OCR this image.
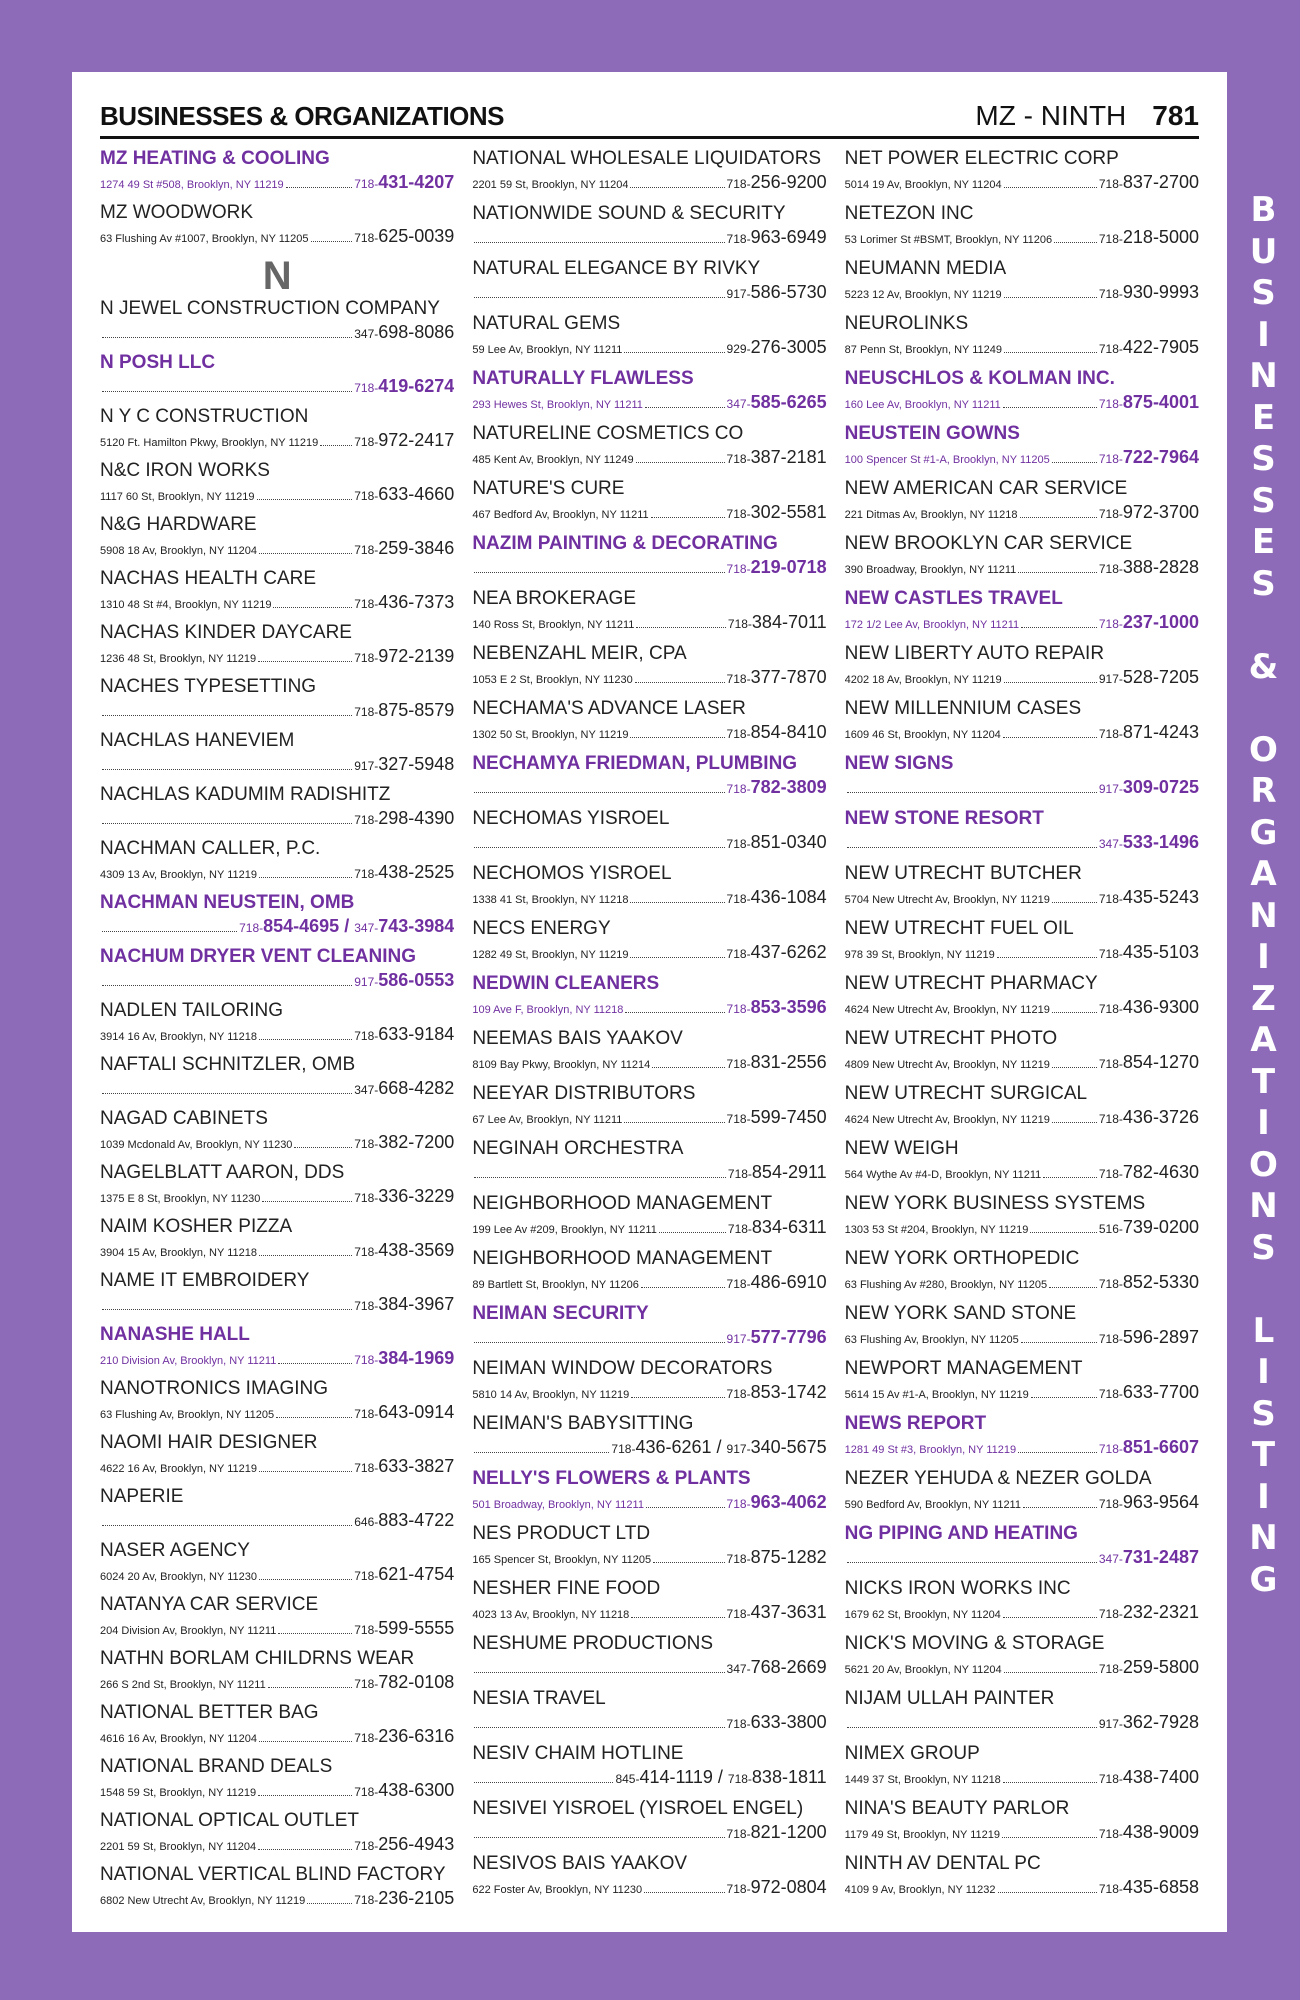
BUSINESSES & ORGANIZATIONS	MZ - NINTH 781
MZ HEATING & COOLING
1274 49 St #508, Brooklyn, NY 11219	718-431-4207
MZ WOODWORK
63 Flushing Av #1007, Brooklyn, NY 11205	718-625-0039
N
N JEWEL CONSTRUCTION COMPANY
347-698-8086
N POSH LLC
718-419-6274
N Y C CONSTRUCTION
5120 Ft. Hamilton Pkwy, Brooklyn, NY 11219	718-972-2417
N&C IRON WORKS
1117 60 St, Brooklyn, NY 11219	718-633-4660
N&G HARDWARE
5908 18 Av, Brooklyn, NY 11204	718-259-3846
NACHAS HEALTH CARE
1310 48 St #4, Brooklyn, NY 11219	718-436-7373
NACHAS KINDER DAYCARE
1236 48 St, Brooklyn, NY 11219	718-972-2139
NACHES TYPESETTING
718-875-8579
NACHLAS HANEVIEM
917-327-5948
NACHLAS KADUMIM RADISHITZ
718-298-4390
NACHMAN CALLER, P.C.
4309 13 Av, Brooklyn, NY 11219	718-438-2525
NACHMAN NEUSTEIN, OMB
718-854-4695 / 347-743-3984
NACHUM DRYER VENT CLEANING
917-586-0553
NADLEN TAILORING
3914 16 Av, Brooklyn, NY 11218	718-633-9184
NAFTALI SCHNITZLER, OMB
347-668-4282
NAGAD CABINETS
1039 Mcdonald Av, Brooklyn, NY 11230	718-382-7200
NAGELBLATT AARON, DDS
1375 E 8 St, Brooklyn, NY 11230	718-336-3229
NAIM KOSHER PIZZA
3904 15 Av, Brooklyn, NY 11218	718-438-3569
NAME IT EMBROIDERY
718-384-3967
NANASHE HALL
210 Division Av, Brooklyn, NY 11211	718-384-1969
NANOTRONICS IMAGING
63 Flushing Av, Brooklyn, NY 11205	718-643-0914
NAOMI HAIR DESIGNER
4622 16 Av, Brooklyn, NY 11219	718-633-3827
NAPERIE
646-883-4722
NASER AGENCY
6024 20 Av, Brooklyn, NY 11230	718-621-4754
NATANYA CAR SERVICE
204 Division Av, Brooklyn, NY 11211	718-599-5555
NATHN BORLAM CHILDRNS WEAR
266 S 2nd St, Brooklyn, NY 11211	718-782-0108
NATIONAL BETTER BAG
4616 16 Av, Brooklyn, NY 11204	718-236-6316
NATIONAL BRAND DEALS
1548 59 St, Brooklyn, NY 11219	718-438-6300
NATIONAL OPTICAL OUTLET
2201 59 St, Brooklyn, NY 11204	718-256-4943
NATIONAL VERTICAL BLIND FACTORY
6802 New Utrecht Av, Brooklyn, NY 11219	718-236-2105
NATIONAL WHOLESALE LIQUIDATORS
2201 59 St, Brooklyn, NY 11204	718-256-9200
NATIONWIDE SOUND & SECURITY
718-963-6949
NATURAL ELEGANCE BY RIVKY
917-586-5730
NATURAL GEMS
59 Lee Av, Brooklyn, NY 11211	929-276-3005
NATURALLY FLAWLESS
293 Hewes St, Brooklyn, NY 11211	347-585-6265
NATURELINE COSMETICS CO
485 Kent Av, Brooklyn, NY 11249	718-387-2181
NATURE'S CURE
467 Bedford Av, Brooklyn, NY 11211	718-302-5581
NAZIM PAINTING & DECORATING
718-219-0718
NEA BROKERAGE
140 Ross St, Brooklyn, NY 11211	718-384-7011
NEBENZAHL MEIR, CPA
1053 E 2 St, Brooklyn, NY 11230	718-377-7870
NECHAMA'S ADVANCE LASER
1302 50 St, Brooklyn, NY 11219	718-854-8410
NECHAMYA FRIEDMAN, PLUMBING
718-782-3809
NECHOMAS YISROEL
718-851-0340
NECHOMOS YISROEL
1338 41 St, Brooklyn, NY 11218	718-436-1084
NECS ENERGY
1282 49 St, Brooklyn, NY 11219	718-437-6262
NEDWIN CLEANERS
109 Ave F, Brooklyn, NY 11218	718-853-3596
NEEMAS BAIS YAAKOV
8109 Bay Pkwy, Brooklyn, NY 11214	718-831-2556
NEEYAR DISTRIBUTORS
67 Lee Av, Brooklyn, NY 11211	718-599-7450
NEGINAH ORCHESTRA
718-854-2911
NEIGHBORHOOD MANAGEMENT
199 Lee Av #209, Brooklyn, NY 11211	718-834-6311
NEIGHBORHOOD MANAGEMENT
89 Bartlett St, Brooklyn, NY 11206	718-486-6910
NEIMAN SECURITY
917-577-7796
NEIMAN WINDOW DECORATORS
5810 14 Av, Brooklyn, NY 11219	718-853-1742
NEIMAN'S BABYSITTING
718-436-6261 / 917-340-5675
NELLY'S FLOWERS & PLANTS
501 Broadway, Brooklyn, NY 11211	718-963-4062
NES PRODUCT LTD
165 Spencer St, Brooklyn, NY 11205	718-875-1282
NESHER FINE FOOD
4023 13 Av, Brooklyn, NY 11218	718-437-3631
NESHUME PRODUCTIONS
347-768-2669
NESIA TRAVEL
718-633-3800
NESIV CHAIM HOTLINE
845-414-1119 / 718-838-1811
NESIVEI YISROEL (YISROEL ENGEL)
718-821-1200
NESIVOS BAIS YAAKOV
622 Foster Av, Brooklyn, NY 11230	718-972-0804
NET POWER ELECTRIC CORP
5014 19 Av, Brooklyn, NY 11204	718-837-2700
NETEZON INC
53 Lorimer St #BSMT, Brooklyn, NY 11206	718-218-5000
NEUMANN MEDIA
5223 12 Av, Brooklyn, NY 11219	718-930-9993
NEUROLINKS
87 Penn St, Brooklyn, NY 11249	718-422-7905
NEUSCHLOS & KOLMAN INC.
160 Lee Av, Brooklyn, NY 11211	718-875-4001
NEUSTEIN GOWNS
100 Spencer St #1-A, Brooklyn, NY 11205	718-722-7964
NEW AMERICAN CAR SERVICE
221 Ditmas Av, Brooklyn, NY 11218	718-972-3700
NEW BROOKLYN CAR SERVICE
390 Broadway, Brooklyn, NY 11211	718-388-2828
NEW CASTLES TRAVEL
172 1/2 Lee Av, Brooklyn, NY 11211	718-237-1000
NEW LIBERTY AUTO REPAIR
4202 18 Av, Brooklyn, NY 11219	917-528-7205
NEW MILLENNIUM CASES
1609 46 St, Brooklyn, NY 11204	718-871-4243
NEW SIGNS
917-309-0725
NEW STONE RESORT
347-533-1496
NEW UTRECHT BUTCHER
5704 New Utrecht Av, Brooklyn, NY 11219	718-435-5243
NEW UTRECHT FUEL OIL
978 39 St, Brooklyn, NY 11219	718-435-5103
NEW UTRECHT PHARMACY
4624 New Utrecht Av, Brooklyn, NY 11219	718-436-9300
NEW UTRECHT PHOTO
4809 New Utrecht Av, Brooklyn, NY 11219	718-854-1270
NEW UTRECHT SURGICAL
4624 New Utrecht Av, Brooklyn, NY 11219	718-436-3726
NEW WEIGH
564 Wythe Av #4-D, Brooklyn, NY 11211	718-782-4630
NEW YORK BUSINESS SYSTEMS
1303 53 St #204, Brooklyn, NY 11219	516-739-0200
NEW YORK ORTHOPEDIC
63 Flushing Av #280, Brooklyn, NY 11205	718-852-5330
NEW YORK SAND STONE
63 Flushing Av, Brooklyn, NY 11205	718-596-2897
NEWPORT MANAGEMENT
5614 15 Av #1-A, Brooklyn, NY 11219	718-633-7700
NEWS REPORT
1281 49 St #3, Brooklyn, NY 11219	718-851-6607
NEZER YEHUDA & NEZER GOLDA
590 Bedford Av, Brooklyn, NY 11211	718-963-9564
NG PIPING AND HEATING
347-731-2487
NICKS IRON WORKS INC
1679 62 St, Brooklyn, NY 11204	718-232-2321
NICK'S MOVING & STORAGE
5621 20 Av, Brooklyn, NY 11204	718-259-5800
NIJAM ULLAH PAINTER
917-362-7928
NIMEX GROUP
1449 37 St, Brooklyn, NY 11218	718-438-7400
NINA'S BEAUTY PARLOR
1179 49 St, Brooklyn, NY 11219	718-438-9009
NINTH AV DENTAL PC
4109 9 Av, Brooklyn, NY 11232	718-435-6858
B
U
S
I
N
E
S
S
E
S

&

O
R
G
A
N
I
Z
A
T
I
O
N
S

L
I
S
T
I
N
G
